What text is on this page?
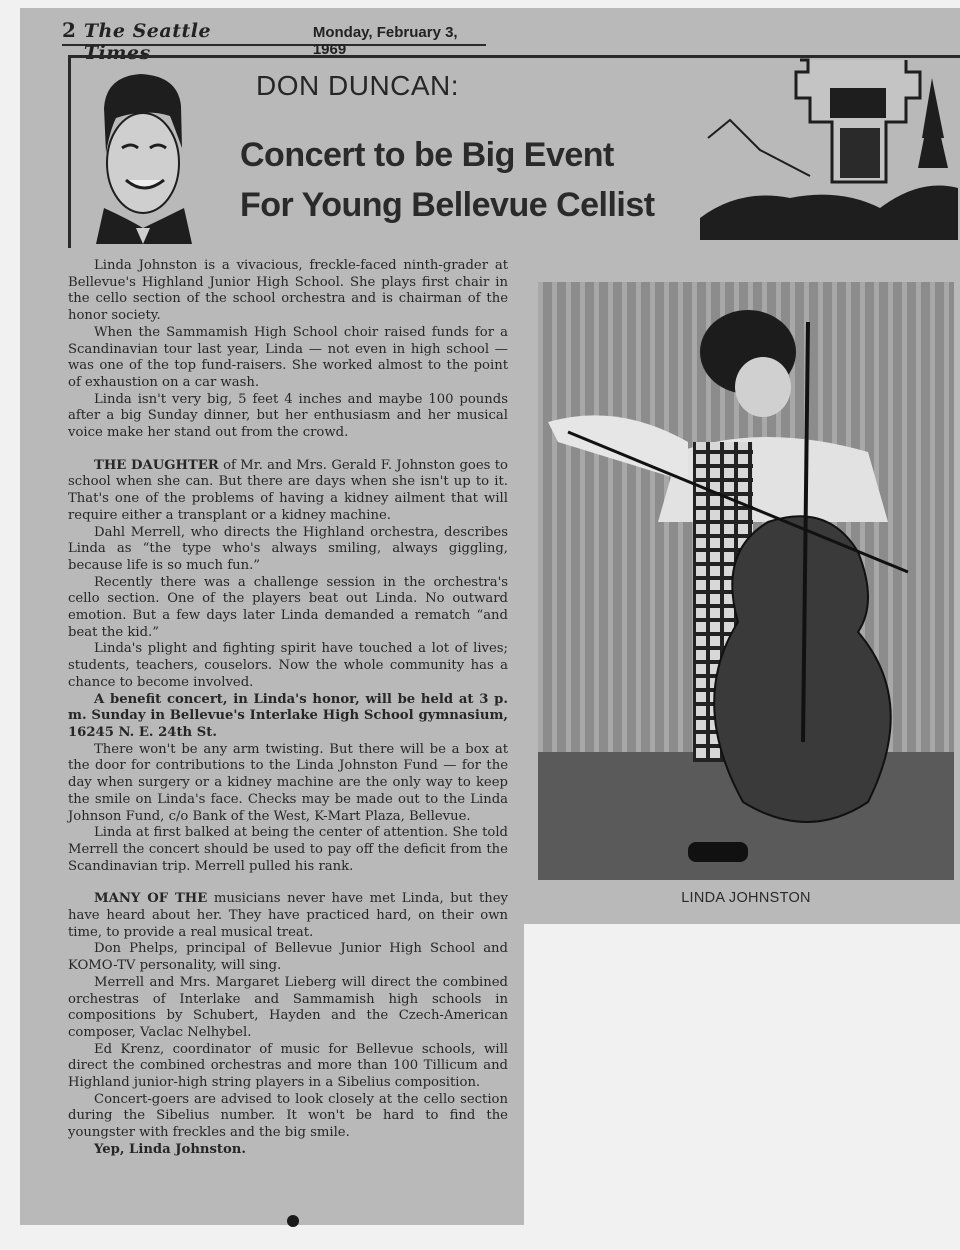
2 The Seattle Times
Monday, February 3, 1969
DON DUNCAN:
Concert to be Big Event
For Young Bellevue Cellist

Linda Johnston is a vivacious, freckle-faced ninth-grader at Bellevue's Highland Junior High School. She plays first chair in the cello section of the school orchestra and is chairman of the honor society.

When the Sammamish High School choir raised funds for a Scandinavian tour last year, Linda — not even in high school — was one of the top fund-raisers. She worked almost to the point of exhaustion on a car wash.

Linda isn't very big, 5 feet 4 inches and maybe 100 pounds after a big Sunday dinner, but her enthusiasm and her musical voice make her stand out from the crowd.

THE DAUGHTER of Mr. and Mrs. Gerald F. Johnston goes to school when she can. But there are days when she isn't up to it. That's one of the problems of having a kidney ailment that will require either a transplant or a kidney machine.

Dahl Merrell, who directs the Highland orchestra, describes Linda as “the type who's always smiling, always giggling, because life is so much fun.”

Recently there was a challenge session in the orchestra's cello section. One of the players beat out Linda. No outward emotion. But a few days later Linda demanded a rematch “and beat the kid.”

Linda's plight and fighting spirit have touched a lot of lives; students, teachers, couselors. Now the whole community has a chance to become involved.

A benefit concert, in Linda's honor, will be held at 3 p. m. Sunday in Bellevue's Interlake High School gymnasium, 16245 N. E. 24th St.

There won't be any arm twisting. But there will be a box at the door for contributions to the Linda Johnston Fund — for the day when surgery or a kidney machine are the only way to keep the smile on Linda's face. Checks may be made out to the Linda Johnson Fund, c/o Bank of the West, K-Mart Plaza, Bellevue.

Linda at first balked at being the center of attention. She told Merrell the concert should be used to pay off the deficit from the Scandinavian trip. Merrell pulled his rank.

MANY OF THE musicians never have met Linda, but they have heard about her. They have practiced hard, on their own time, to provide a real musical treat.

Don Phelps, principal of Bellevue Junior High School and KOMO-TV personality, will sing.

Merrell and Mrs. Margaret Lieberg will direct the combined orchestras of Interlake and Sammamish high schools in compositions by Schubert, Hayden and the Czech-American composer, Vaclac Nelhybel.

Ed Krenz, coordinator of music for Bellevue schools, will direct the combined orchestras and more than 100 Tillicum and Highland junior-high string players in a Sibelius composition.

Concert-goers are advised to look closely at the cello section during the Sibelius number. It won't be hard to find the youngster with freckles and the big smile.

Yep, Linda Johnston.

LINDA JOHNSTON
